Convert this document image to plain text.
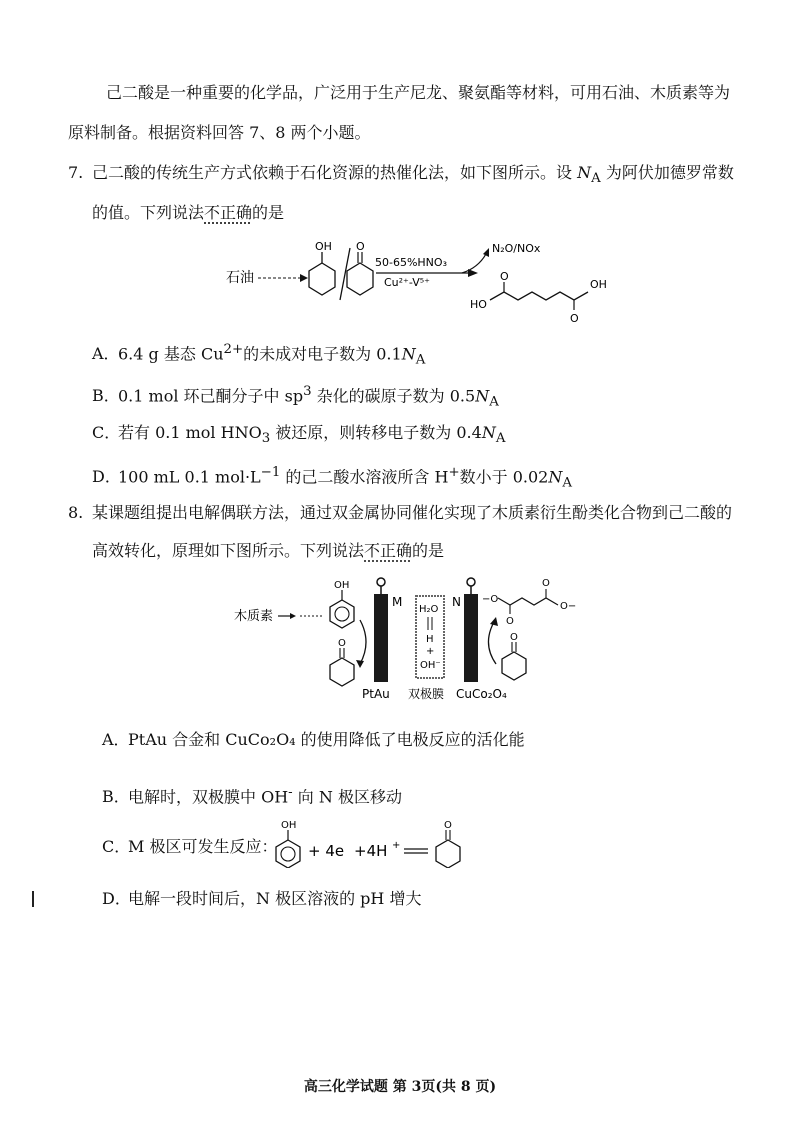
己二酸是一种重要的化学品，广泛用于生产尼龙、聚氨酯等材料，可用石油、木质素等为
原料制备。根据资料回答 7、8 两个小题。
7. 己二酸的传统生产方式依赖于石化资源的热催化法，如下图所示。设 $N_A$ 为阿伏加德罗常数
的值。下列说法不正确的是
石油
OH O
50-65%HNO₃
Cu²⁺-V⁵⁺
N₂O/NOx
HO
OH
O
O
A．6.4 g 基态 $Cu^{2+}$的未成对电子数为 $0.1N_A$
B．0.1 mol 环己酮分子中 $sp^3$ 杂化的碳原子数为 $0.5N_A$
C．若有 0.1 mol $HNO_3$ 被还原，则转移电子数为 $0.4N_A$
D．100 mL 0.1 $mol\cdot L^{-1}$ 的己二酸水溶液所含 H+数小于 $0.02N_A$
8. 某课题组提出电解偶联方法，通过双金属协同催化实现了木质素衍生酚类化合物到己二酸的
高效转化，原理如下图所示。下列说法不正确的是
木质素
OH
O
M
H₂O
H
+
OH⁻
N −O
O
O
O−
O
PtAu 双极膜 CuCo₂O₄
A．PtAu 合金和 CuCo₂O₄ 的使用降低了电极反应的活化能
B．电解时，双极膜中 OH- 向 N 极区移动
C．M 极区可发生反应：
OH
+ 4e +4H +
O
D．电解一段时间后，N 极区溶液的 pH 增大
高三化学试题 第 3页(共 8 页)
